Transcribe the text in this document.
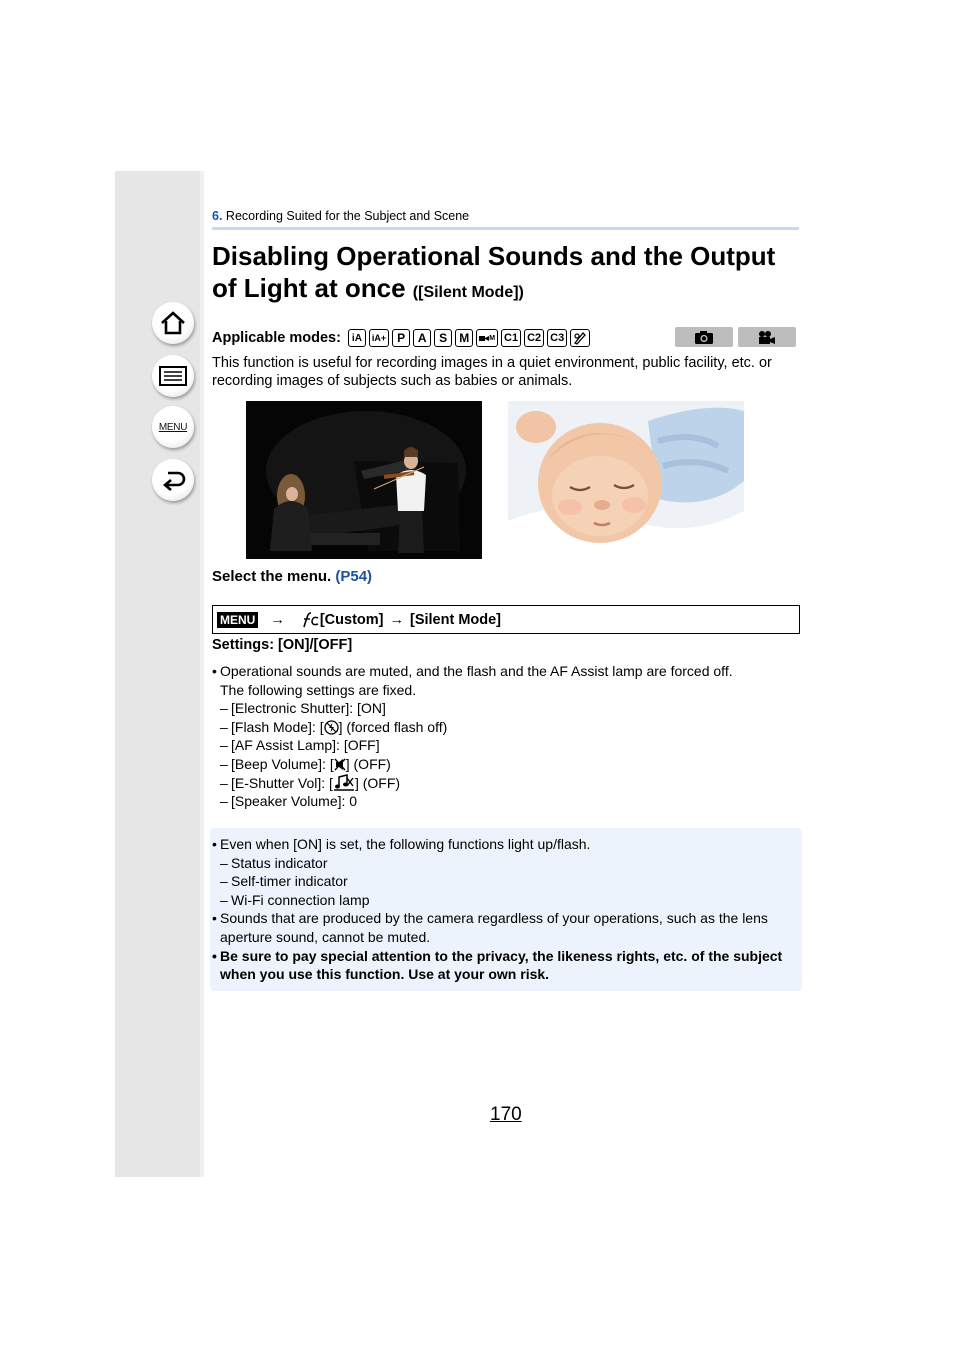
MENU
6. Recording Suited for the Subject and Scene
Disabling Operational Sounds and the Output
of Light at once ([Silent Mode])
Applicable modes: iA iA+ P A S M	M C1 C2 C3

This function is useful for recording images in a quiet environment, public facility, etc. or
recording images of subjects such as babies or animals.

Select the menu. (P54)
MENU → [Custom] → [Silent Mode]
Settings: [ON]/[OFF]
• Operational sounds are muted, and the flash and the AF Assist lamp are forced off.
The following settings are fixed.
– [Electronic Shutter]: [ON]
– [Flash Mode]: [ ] (forced flash off)
– [AF Assist Lamp]: [OFF]
– [Beep Volume]: [ ] (OFF)
– [E-Shutter Vol]: [ ] (OFF)
– [Speaker Volume]: 0
• Even when [ON] is set, the following functions light up/flash.
– Status indicator
– Self-timer indicator
– Wi-Fi connection lamp
• Sounds that are produced by the camera regardless of your operations, such as the lens
aperture sound, cannot be muted.
• Be sure to pay special attention to the privacy, the likeness rights, etc. of the subject
when you use this function. Use at your own risk.
170
